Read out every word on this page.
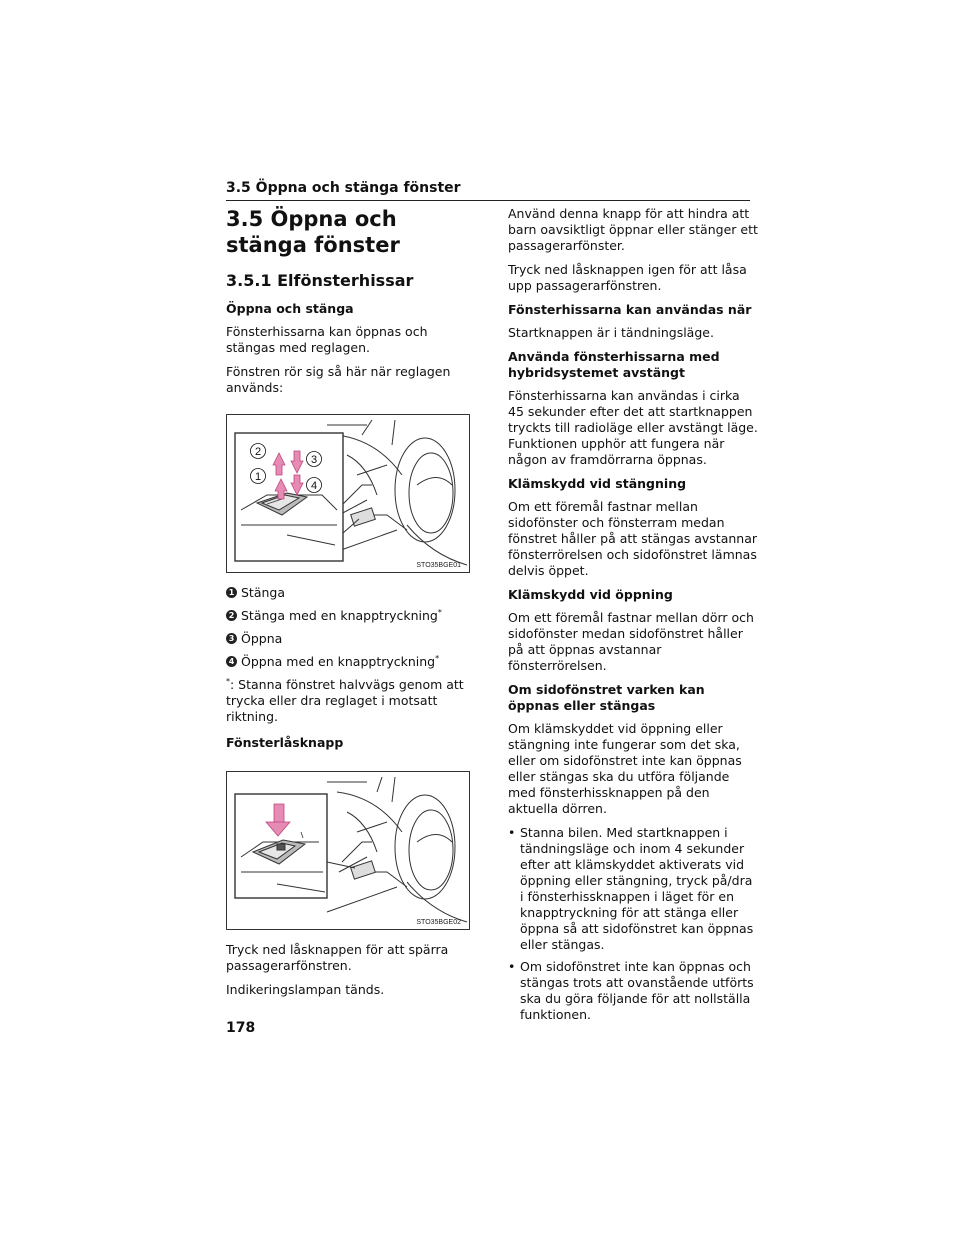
3.5 Öppna och stänga fönster
3.5 Öppna och stänga fönster
3.5.1 Elfönsterhissar
Öppna och stänga

Fönsterhissarna kan öppnas och stängas med reglagen.

Fönstren rör sig så här när reglagen används:

2
3
1
4
STO35BGE01
1 Stänga
2 Stänga med en knapptryckning*
3 Öppna
4 Öppna med en knapptryckning*

*: Stanna fönstret halvvägs genom att trycka eller dra reglaget i motsatt riktning.

Fönsterlåsknapp
STO35BGE02

Tryck ned låsknappen för att spärra passagerarfönstren.

Indikeringslampan tänds.

Använd denna knapp för att hindra att barn oavsiktligt öppnar eller stänger ett passagerarfönster.

Tryck ned låsknappen igen för att låsa upp passagerarfönstren.

Fönsterhissarna kan användas när

Startknappen är i tändningsläge.

Använda fönsterhissarna med hybridsystemet avstängt

Fönsterhissarna kan användas i cirka 45 sekunder efter det att startknappen tryckts till radioläge eller avstängt läge. Funktionen upphör att fungera när någon av framdörrarna öppnas.

Klämskydd vid stängning

Om ett föremål fastnar mellan sidofönster och fönsterram medan fönstret håller på att stängas avstannar fönsterrörelsen och sidofönstret lämnas delvis öppet.

Klämskydd vid öppning

Om ett föremål fastnar mellan dörr och sidofönster medan sidofönstret håller på att öppnas avstannar fönsterrörelsen.

Om sidofönstret varken kan öppnas eller stängas

Om klämskyddet vid öppning eller stängning inte fungerar som det ska, eller om sidofönstret inte kan öppnas eller stängas ska du utföra följande med fönsterhissknappen på den aktuella dörren.

• Stanna bilen. Med startknappen i tändningsläge och inom 4 sekunder efter att klämskyddet aktiverats vid öppning eller stängning, tryck på/dra i fönsterhissknappen i läget för en knapptryckning för att stänga eller öppna så att sidofönstret kan öppnas eller stängas.
• Om sidofönstret inte kan öppnas och stängas trots att ovanstående utförts ska du göra följande för att nollställa funktionen.
178
